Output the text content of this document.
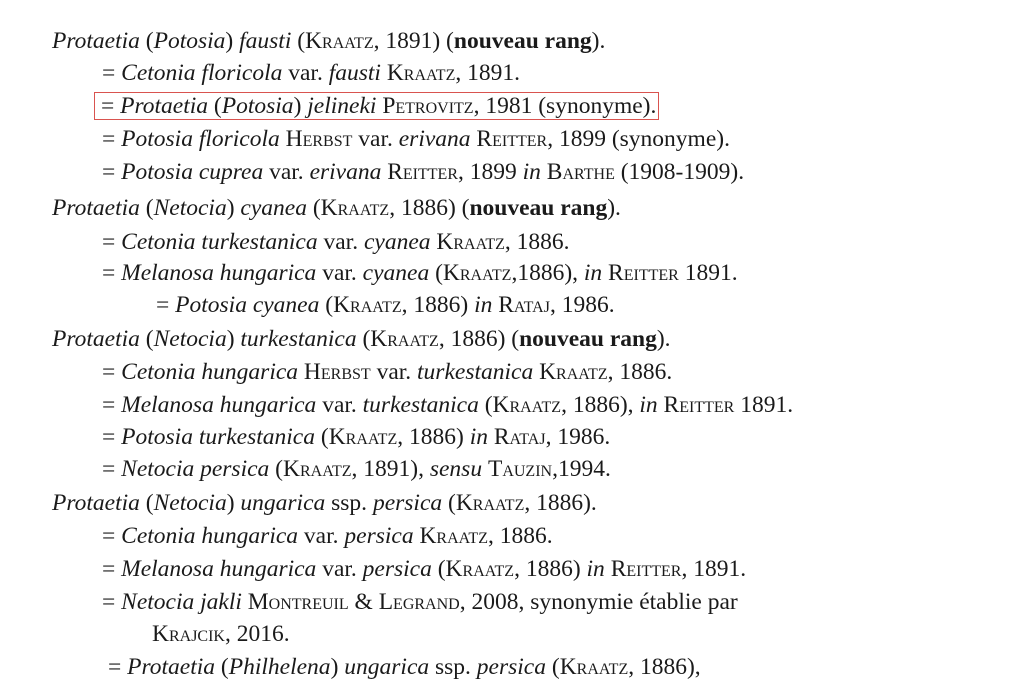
Protaetia (Potosia) fausti (Kraatz, 1891) (nouveau rang).
= Cetonia floricola var. fausti Kraatz, 1891.
= Protaetia (Potosia) jelineki Petrovitz, 1981 (synonyme).
= Potosia floricola Herbst var. erivana Reitter, 1899 (synonyme).
= Potosia cuprea var. erivana Reitter, 1899 in Barthe (1908-1909).
Protaetia (Netocia) cyanea (Kraatz, 1886) (nouveau rang).
= Cetonia turkestanica var. cyanea Kraatz, 1886.
= Melanosa hungarica var. cyanea (Kraatz,1886), in Reitter 1891.
= Potosia cyanea (Kraatz, 1886) in Rataj, 1986.
Protaetia (Netocia) turkestanica (Kraatz, 1886) (nouveau rang).
= Cetonia hungarica Herbst var. turkestanica Kraatz, 1886.
= Melanosa hungarica var. turkestanica (Kraatz, 1886), in Reitter 1891.
= Potosia turkestanica (Kraatz, 1886) in Rataj, 1986.
= Netocia persica (Kraatz, 1891), sensu Tauzin,1994.
Protaetia (Netocia) ungarica ssp. persica (Kraatz, 1886).
= Cetonia hungarica var. persica Kraatz, 1886.
= Melanosa hungarica var. persica (Kraatz, 1886) in Reitter, 1891.
= Netocia jakli Montreuil & Legrand, 2008, synonymie établie par
Krajcik, 2016.
= Protaetia (Philhelena) ungarica ssp. persica (Kraatz, 1886),
